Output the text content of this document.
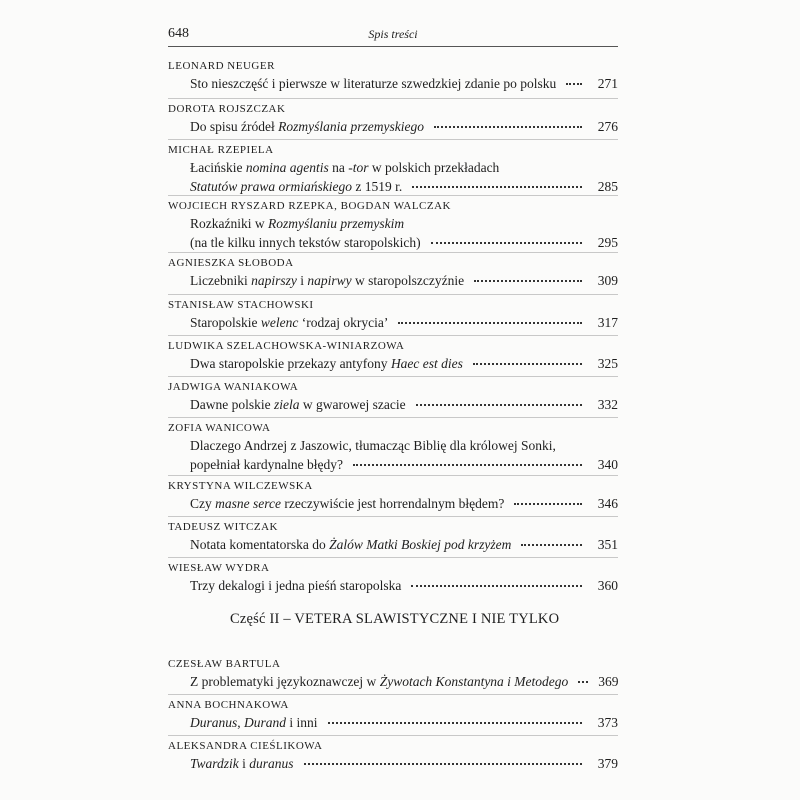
648	Spis treści
LEONARD NEUGER
Sto nieszczęść i pierwsze w literaturze szwedzkiej zdanie po polsku	271
DOROTA ROJSZCZAK
Do spisu źródeł Rozmyślania przemyskiego	276
MICHAŁ RZEPIELA
Łacińskie nomina agentis na -tor w polskich przekładach
Statutów prawa ormiańskiego z 1519 r.	285
WOJCIECH RYSZARD RZEPKA, BOGDAN WALCZAK
Rozkaźniki w Rozmyślaniu przemyskim
(na tle kilku innych tekstów staropolskich)	295
AGNIESZKA SŁOBODA
Liczebniki napirszy i napirwy w staropolszczyźnie	309
STANISŁAW STACHOWSKI
Staropolskie welenc ‘rodzaj okrycia’	317
LUDWIKA SZELACHOWSKA-WINIARZOWA
Dwa staropolskie przekazy antyfony Haec est dies	325
JADWIGA WANIAKOWA
Dawne polskie ziela w gwarowej szacie	332
ZOFIA WANICOWA
Dlaczego Andrzej z Jaszowic, tłumacząc Biblię dla królowej Sonki,
popełniał kardynalne błędy?	340
KRYSTYNA WILCZEWSKA
Czy masne serce rzeczywiście jest horrendalnym błędem?	346
TADEUSZ WITCZAK
Notata komentatorska do Żalów Matki Boskiej pod krzyżem	351
WIESŁAW WYDRA
Trzy dekalogi i jedna pieśń staropolska	360
Część II – VETERA SLAWISTYCZNE I NIE TYLKO
CZESŁAW BARTULA
Z problematyki językoznawczej w Żywotach Konstantyna i Metodego 369
ANNA BOCHNAKOWA
Duranus, Durand i inni	373
ALEKSANDRA CIEŚLIKOWA
Twardzik i duranus	379
